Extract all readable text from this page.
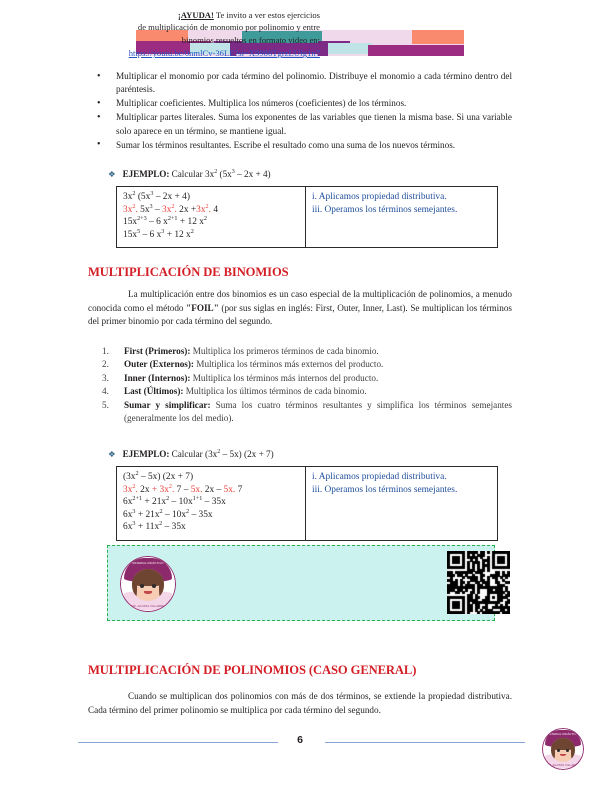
• Multiplicar el monomio por cada término del polinomio. Distribuye el monomio a cada término dentro del paréntesis.
• Multiplicar coeficientes. Multiplica los números (coeficientes) de los términos.
• Multiplicar partes literales. Suma los exponentes de las variables que tienen la misma base. Si una variable solo aparece en un término, se mantiene igual.
• Sumar los términos resultantes. Escribe el resultado como una suma de los nuevos términos.
❖ EJEMPLO: Calcular $3x^2$ $(5x^3 - 2x + 4)$
$3x^2$ $(5x^3 - 2x + 4)$
$3x^2$. $5x^3 - 3x^2$. $2x +3x^2$. 4
$15x^{2+3} - 6$ $x^{2+1} + 12$ $x^2$
$15x^5 - 6$ $x^3 + 12$ $x^2$
i. Aplicamos propiedad distributiva.
iii. Operamos los términos semejantes.
MULTIPLICACIÓN DE BINOMIOS
La multiplicación entre dos binomios es un caso especial de la multiplicación de polinomios, a menudo conocida como el método "FOIL" (por sus siglas en inglés: First, Outer, Inner, Last). Se multiplican los términos del primer binomio por cada término del segundo.
1. First (Primeros): Multiplica los primeros términos de cada binomio.
2. Outer (Externos): Multiplica los términos más externos del producto.
3. Inner (Internos): Multiplica los términos más internos del producto.
4. Last (Últimos): Multiplica los últimos términos de cada binomio.
5. Sumar y simplificar: Suma los cuatro términos resultantes y simplifica los términos semejantes (generalmente los del medio).
❖ EJEMPLO: Calcular $(3x^2 - 5x) (2x + 7)$
$(3x^2 - 5x) (2x + 7)$
$3x^2$. $2x + 3x^2$. 7 – 5x. 2x – 5x. 7
$6x^{2+1} + 21x^2 - 10x^{1+1} - 35x$
$6x^3 + 21x^2 - 10x^2 - 35x$
$6x^3 + 11x^2 - 35x$
i. Aplicamos propiedad distributiva.
iii. Operamos los términos semejantes.
MATERIAL DIDÁCTICO
PROF. AGUSTA VILLARREAL
¡AYUDA! Te invito a ver estos ejercicios
de multiplicación de monomio por polinomio y entre
binomios resueltos en formato video en:
https://youtu.be/0nmlCv-36LE?si=X9986TgrzLUfg1n7
MULTIPLICACIÓN DE POLINOMIOS (CASO GENERAL)
Cuando se multiplican dos polinomios con más de dos términos, se extiende la propiedad distributiva. Cada término del primer polinomio se multiplica por cada término del segundo.
6	MATERIAL DIDÁCTICO
PROF. AGUSTA VILLARREAL
